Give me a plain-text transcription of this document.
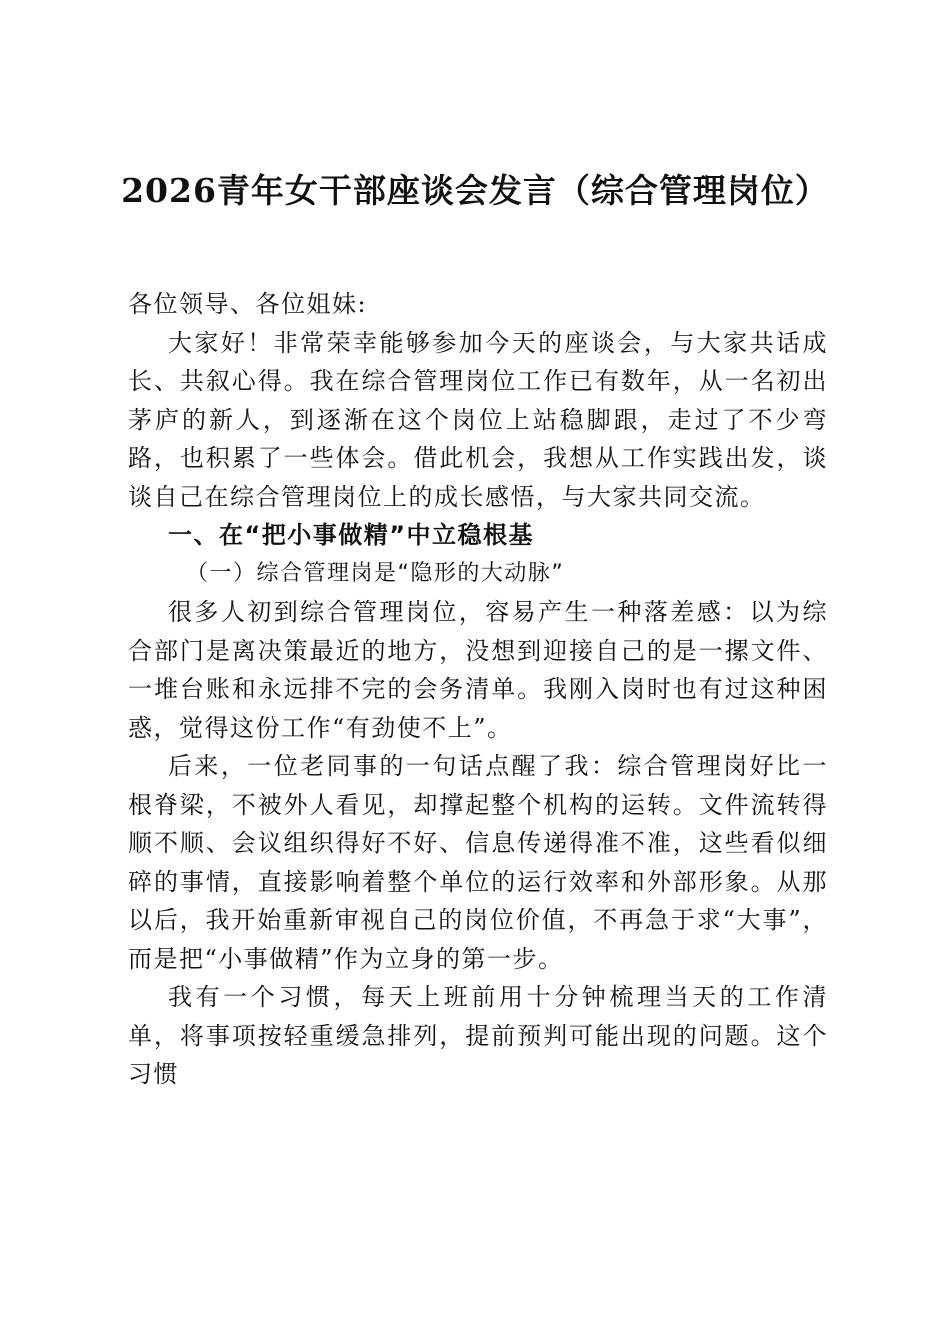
2026青年女干部座谈会发言（综合管理岗位）

各位领导、各位姐妹:

大家好！非常荣幸能够参加今天的座谈会，与大家共话成长、共叙心得。我在综合管理岗位工作已有数年，从一名初出茅庐的新人，到逐渐在这个岗位上站稳脚跟，走过了不少弯路，也积累了一些体会。借此机会，我想从工作实践出发，谈谈自己在综合管理岗位上的成长感悟，与大家共同交流。

一、在“把小事做精”中立稳根基

（一）综合管理岗是“隐形的大动脉”

很多人初到综合管理岗位，容易产生一种落差感：以为综合部门是离决策最近的地方，没想到迎接自己的是一摞文件、一堆台账和永远排不完的会务清单。我刚入岗时也有过这种困惑，觉得这份工作“有劲使不上”。

后来，一位老同事的一句话点醒了我：综合管理岗好比一根脊梁，不被外人看见，却撑起整个机构的运转。文件流转得顺不顺、会议组织得好不好、信息传递得准不准，这些看似细碎的事情，直接影响着整个单位的运行效率和外部形象。从那以后，我开始重新审视自己的岗位价值，不再急于求“大事”，而是把“小事做精”作为立身的第一步。

我有一个习惯，每天上班前用十分钟梳理当天的工作清单，将事项按轻重缓急排列，提前预判可能出现的问题。这个习惯
